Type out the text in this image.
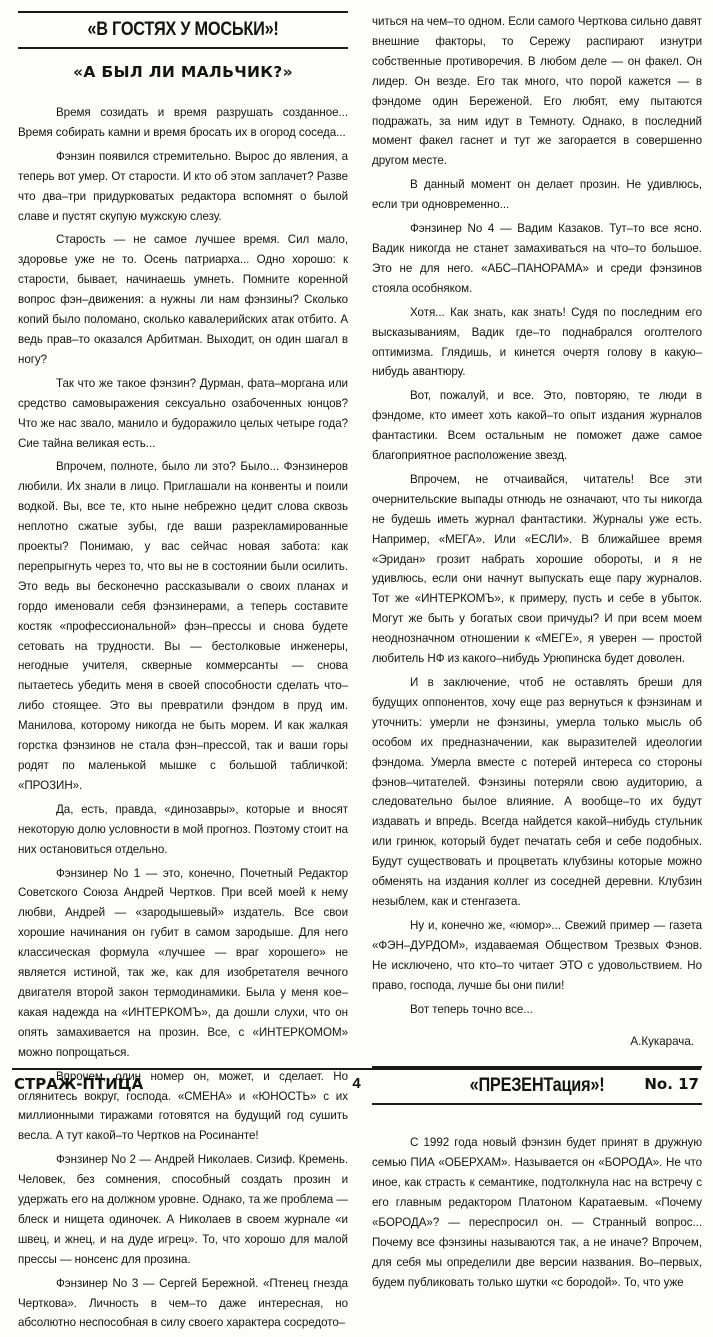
«В ГОСТЯХ У МОСЬКИ»!
«А БЫЛ ЛИ МАЛЬЧИК?»

Время созидать и время разрушать созданное... Время собирать камни и время бросать их в огород соседа...

Фэнзин появился стремительно. Вырос до явления, а теперь вот умер. От старости. И кто об этом заплачет? Разве что два–три придурковатых редактора вспомнят о былой славе и пустят скупую мужскую слезу.

Старость — не самое лучшее время. Сил мало, здоровье уже не то. Осень патриарха... Одно хорошо: к старости, бывает, начинаешь умнеть. Помните коренной вопрос фэн–движения: а нужны ли нам фэнзины? Сколько копий было поломано, сколько кавалерийских атак отбито. А ведь прав–то оказался Арбитман. Выходит, он один шагал в ногу?

Так что же такое фэнзин? Дурман, фата–моргана или средство самовыражения сексуально озабоченных юнцов? Что же нас звало, манило и будоражило целых четыре года? Сие тайна великая есть...

Впрочем, полноте, было ли это? Было... Фэнзинеров любили. Их знали в лицо. Приглашали на конвенты и поили водкой. Вы, все те, кто ныне небрежно цедит слова сквозь неплотно сжатые зубы, где ваши разрекламированные проекты? Понимаю, у вас сейчас новая забота: как перепрыгнуть через то, что вы не в состоянии были осилить. Это ведь вы бесконечно рассказывали о своих планах и гордо именовали себя фэнзинерами, а теперь составите костяк «профессиональной» фэн–прессы и снова будете сетовать на трудности. Вы — бестолковые инженеры, негодные учителя, скверные коммерсанты — снова пытаетесь убедить меня в своей способности сделать что–либо стоящее. Это вы превратили фэндом в пруд им. Манилова, которому никогда не быть морем. И как жалкая горстка фэнзинов не стала фэн–прессой, так и ваши горы родят по маленькой мышке с большой табличкой: «ПРОЗИН».

Да, есть, правда, «динозавры», которые и вносят некоторую долю условности в мой прогноз. Поэтому стоит на них остановиться отдельно.

Фэнзинер No 1 — это, конечно, Почетный Редактор Советского Союза Андрей Чертков. При всей моей к нему любви, Андрей — «зародышевый» издатель. Все свои хорошие начинания он губит в самом зародыше. Для него классическая формула «лучшее — враг хорошего» не является истиной, так же, как для изобретателя вечного двигателя второй закон термодинамики. Была у меня кое–какая надежда на «ИНТЕРКОМЪ», да дошли слухи, что он опять замахивается на прозин. Все, с «ИНТЕРКОМОМ» можно попрощаться.

Впрочем, один номер он, может, и сделает. Но оглянитесь вокруг, господа. «СМЕНА» и «ЮНОСТЬ» с их миллионными тиражами готовятся на будущий год сушить весла. А тут какой–то Чертков на Росинанте!

Фэнзинер No 2 — Андрей Николаев. Сизиф. Кремень. Человек, без сомнения, способный создать прозин и удержать его на должном уровне. Однако, та же проблема — блеск и нищета одиночек. А Николаев в своем журнале «и швец, и жнец, и на дуде игрец». То, что хорошо для малой прессы — нонсенс для прозина.

Фэнзинер No 3 — Сергей Бережной. «Птенец гнезда Черткова». Личность в чем–то даже интересная, но абсолютно неспособная в силу своего характера сосредото–

читься на чем–то одном. Если самого Черткова сильно давят внешние факторы, то Сережу распирают изнутри собственные противоречия. В любом деле — он факел. Он лидер. Он везде. Его так много, что порой кажется — в фэндоме один Береженой. Его любят, ему пытаются подражать, за ним идут в Темноту. Однако, в последний момент факел гаснет и тут же загорается в совершенно другом месте.

В данный момент он делает прозин. Не удивлюсь, если три одновременно...

Фэнзинер No 4 — Вадим Казаков. Тут–то все ясно. Вадик никогда не станет замахиваться на что–то большое. Это не для него. «АБС–ПАНОРАМА» и среди фэнзинов стояла особняком.

Хотя... Как знать, как знать! Судя по последним его высказываниям, Вадик где–то поднабрался оголтелого оптимизма. Глядишь, и кинется очертя голову в какую–нибудь авантюру.

Вот, пожалуй, и все. Это, повторяю, те люди в фэндоме, кто имеет хоть какой–то опыт издания журналов фантастики. Всем остальным не поможет даже самое благоприятное расположение звезд.

Впрочем, не отчаивайся, читатель! Все эти очернительские выпады отнюдь не означают, что ты никогда не будешь иметь журнал фантастики. Журналы уже есть. Например, «МЕГА». Или «ЕСЛИ». В ближайшее время «Эридан» грозит набрать хорошие обороты, и я не удивлюсь, если они начнут выпускать еще пару журналов. Тот же «ИНТЕРКОМЪ», к примеру, пусть и себе в убыток. Могут же быть у богатых свои причуды? И при всем моем неоднозначном отношении к «МЕГЕ», я уверен — простой любитель НФ из какого–нибудь Урюпинска будет доволен.

И в заключение, чтоб не оставлять бреши для будущих оппонентов, хочу еще раз вернуться к фэнзинам и уточнить: умерли не фэнзины, умерла только мысль об особом их предназначении, как выразителей идеологии фэндома. Умерла вместе с потерей интереса со стороны фэнов–читателей. Фэнзины потеряли свою аудиторию, а следовательно былое влияние. А вообще–то их будут издавать и впредь. Всегда найдется какой–нибудь стульник или гринюк, который будет печатать себя и себе подобных. Будут существовать и процветать клубзины которые можно обменять на издания коллег из соседней деревни. Клубзин незыблем, как и стенгазета.

Ну и, конечно же, «юмор»... Свежий пример — газета «ФЭН–ДУРДОМ», издаваемая Обществом Трезвых Фэнов. Не исключено, что кто–то читает ЭТО с удовольствием. Но право, господа, лучше бы они пили!

Вот теперь точно все...

А.Кукарача.
«ПРЕЗЕНТация»!

С 1992 года новый фэнзин будет принят в дружную семью ПИА «ОБЕРХАМ». Называется он «БОРОДА». Не что иное, как страсть к семантике, подтолкнула нас на встречу с его главным редактором Платоном Каратаевым. «Почему «БОРОДА»? — переспросил он. — Странный вопрос... Почему все фэнзины называются так, а не иначе? Впрочем, для себя мы определили две версии названия. Во–первых, будем публиковать только шутки «с бородой». То, что уже

СТРАЖ-ПТИЦА	4	No. 17
